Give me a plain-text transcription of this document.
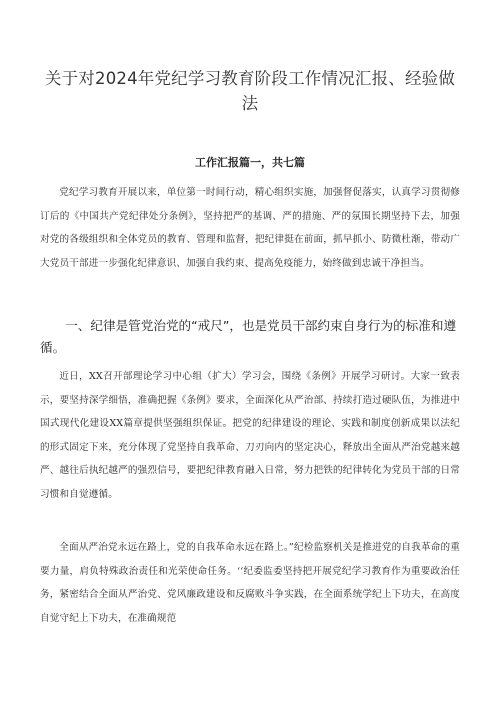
关于对2024年党纪学习教育阶段工作情况汇报、经验做法
工作汇报篇一，共七篇

党纪学习教育开展以来，单位第一时间行动，精心组织实施，加强督促落实，认真学习贯彻修订后的《中国共产党纪律处分条例》，坚持把严的基调、严的措施、严的氛围长期坚持下去，加强对党的各级组织和全体党员的教育、管理和监督，把纪律挺在前面，抓早抓小、防微杜渐，带动广大党员干部进一步强化纪律意识、加强自我约束、提高免疫能力，始终做到忠诚干净担当。

一、纪律是管党治党的“戒尺”，也是党员干部约束自身行为的标准和遵循。

近日，XX召开部理论学习中心组（扩大）学习会，围绕《条例》开展学习研讨。大家一致表示，要坚持深学细悟，准确把握《条例》要求，全面深化从严治部、持续打造过硬队伍，为推进中国式现代化建设XX篇章提供坚强组织保证。把党的纪律建设的理论、实践和制度创新成果以法纪的形式固定下来，充分体现了党坚持自我革命、刀刃向内的坚定决心，释放出全面从严治党越来越严、越往后执纪越严的强烈信号，要把纪律教育融入日常，努力把铁的纪律转化为党员干部的日常习惯和自觉遵循。

全面从严治党永远在路上，党的自我革命永远在路上。”纪检监察机关是推进党的自我革命的重要力量，肩负特殊政治责任和光荣使命任务。‘‘纪委监委坚持把开展党纪学习教育作为重要政治任务，紧密结合全面从严治党、党风廉政建设和反腐败斗争实践，在全面系统学纪上下功夫，在高度自觉守纪上下功夫，在准确规范
